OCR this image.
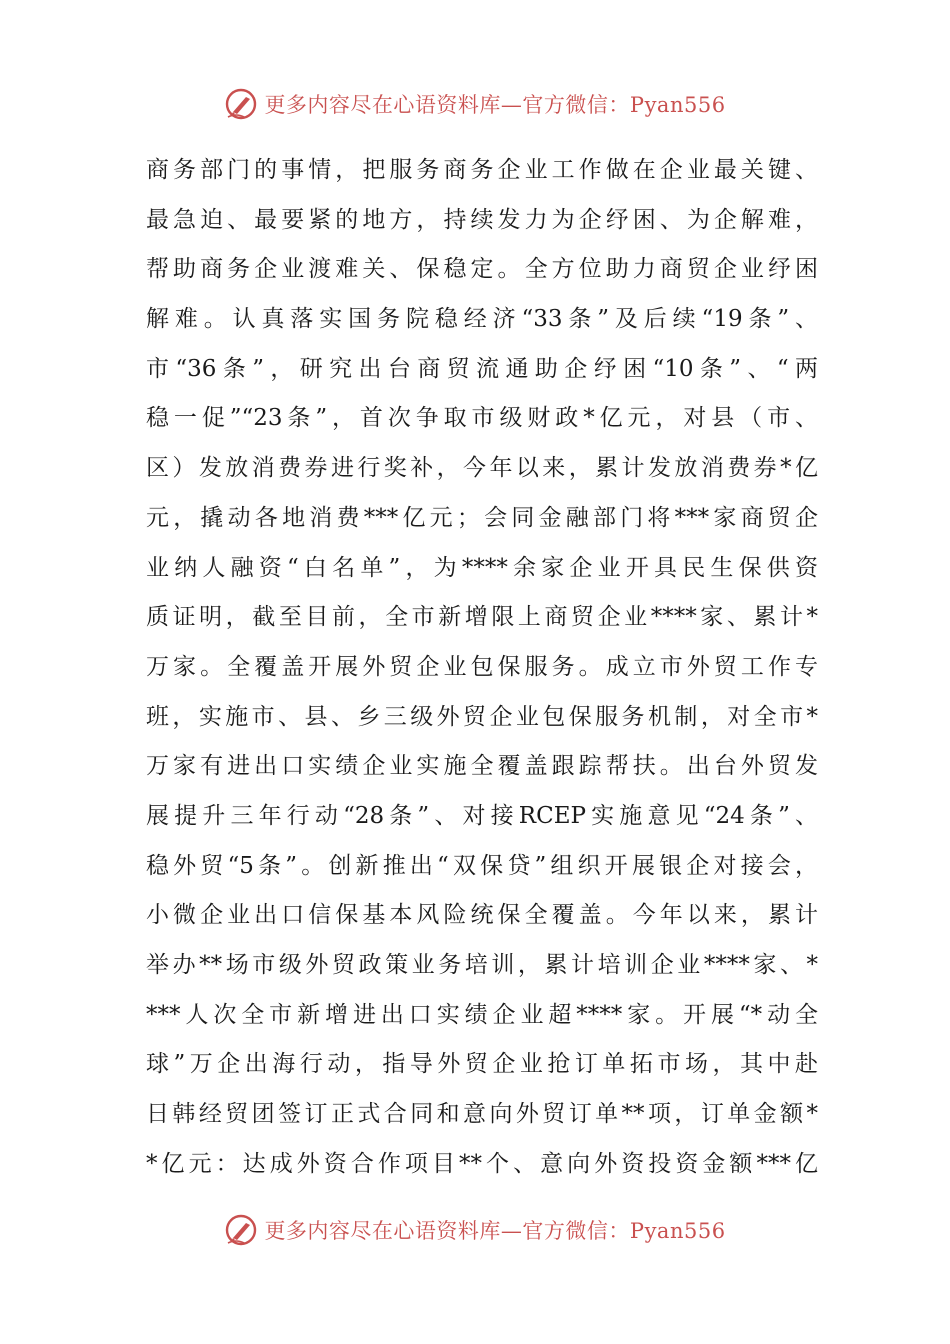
更多内容尽在心语资料库—官方微信：Pyan556
商务部门的事情，把服务商务企业工作做在企业最关键、
最急迫、最要紧的地方，持续发力为企纾困、为企解难，
帮助商务企业渡难关、保稳定。全方位助力商贸企业纾困
解难。认真落实国务院稳经济“33条”及后续“19条”、
市“36条”，研究出台商贸流通助企纾困“10条”、“两
稳一促”“23条”，首次争取市级财政*亿元，对县（市、
区）发放消费券进行奖补，今年以来，累计发放消费券*亿
元，撬动各地消费***亿元；会同金融部门将***家商贸企
业纳人融资“白名单”，为****余家企业开具民生保供资
质证明，截至目前，全市新增限上商贸企业****家、累计*
万家。全覆盖开展外贸企业包保服务。成立市外贸工作专
班，实施市、县、乡三级外贸企业包保服务机制，对全市*
万家有进出口实绩企业实施全覆盖跟踪帮扶。出台外贸发
展提升三年行动“28条”、对接RCEP实施意见“24条”、
稳外贸“5条”。创新推出“双保贷”组织开展银企对接会，
小微企业出口信保基本风险统保全覆盖。今年以来，累计
举办**场市级外贸政策业务培训，累计培训企业****家、*
***人次全市新增进出口实绩企业超****家。开展“*动全
球”万企出海行动，指导外贸企业抢订单拓市场，其中赴
日韩经贸团签订正式合同和意向外贸订单**项，订单金额*
*亿元：达成外资合作项目**个、意向外资投资金额***亿
更多内容尽在心语资料库—官方微信：Pyan556
